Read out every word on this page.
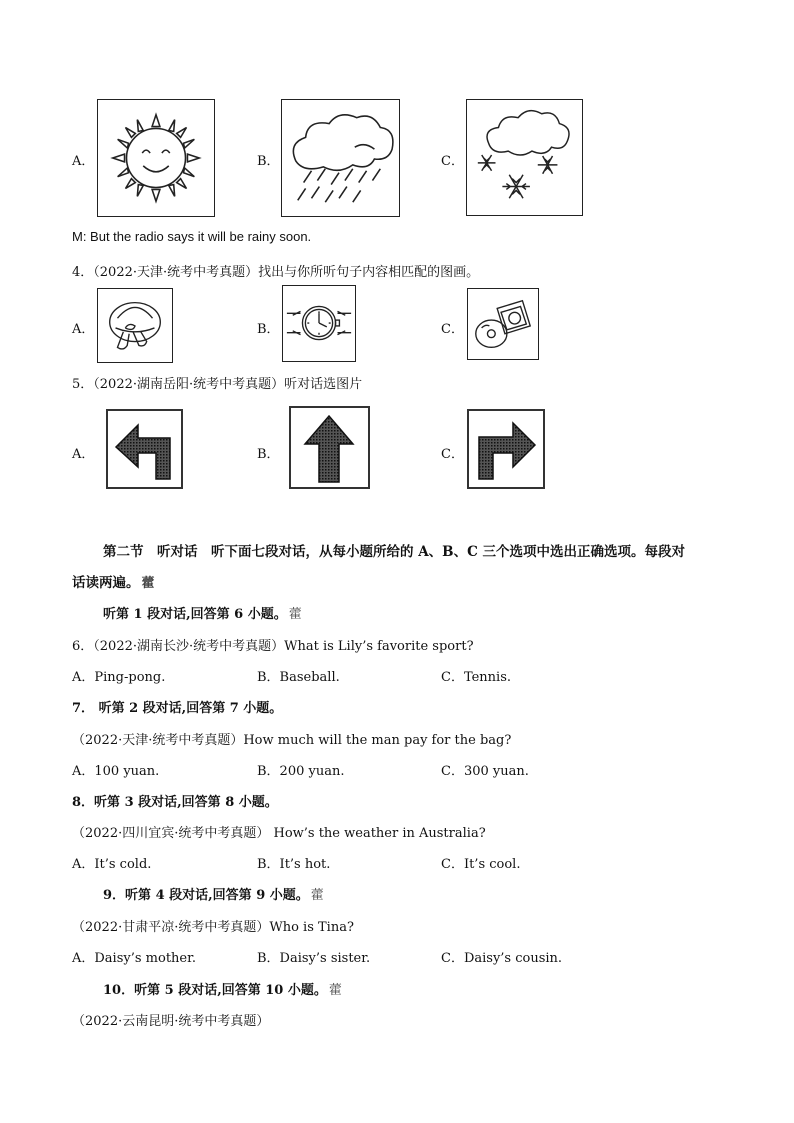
A．	B．	C．
M: But the radio says it will be rainy soon.
4．（2022·天津·统考中考真题）找出与你所听句子内容相匹配的图画。
A．	B．	C．
5．（2022·湖南岳阳·统考中考真题）听对话选图片
A．	B．	C．
第二节　听对话　听下面七段对话，从每小题所给的 A、B、C 三个选项中选出正确选项。每段对
话读两遍。 藿
听第 1 段对话,回答第 6 小题。 藿
6．（2022·湖南长沙·统考中考真题）What is Lily’s favorite sport?
A．Ping-pong.	B．Baseball.	C．Tennis.
7． 听第 2 段对话,回答第 7 小题。
（2022·天津·统考中考真题）How much will the man pay for the bag?
A．100 yuan.	B．200 yuan.	C．300 yuan.
8．听第 3 段对话,回答第 8 小题。
（2022·四川宜宾·统考中考真题） How’s the weather in Australia?
A．It’s cold.	B．It’s hot.	C．It’s cool.
9．听第 4 段对话,回答第 9 小题。 藿
（2022·甘肃平凉·统考中考真题）Who is Tina?
A．Daisy’s mother.	B．Daisy’s sister.	C．Daisy’s cousin.
10．听第 5 段对话,回答第 10 小题。 藿
（2022·云南昆明·统考中考真题）
